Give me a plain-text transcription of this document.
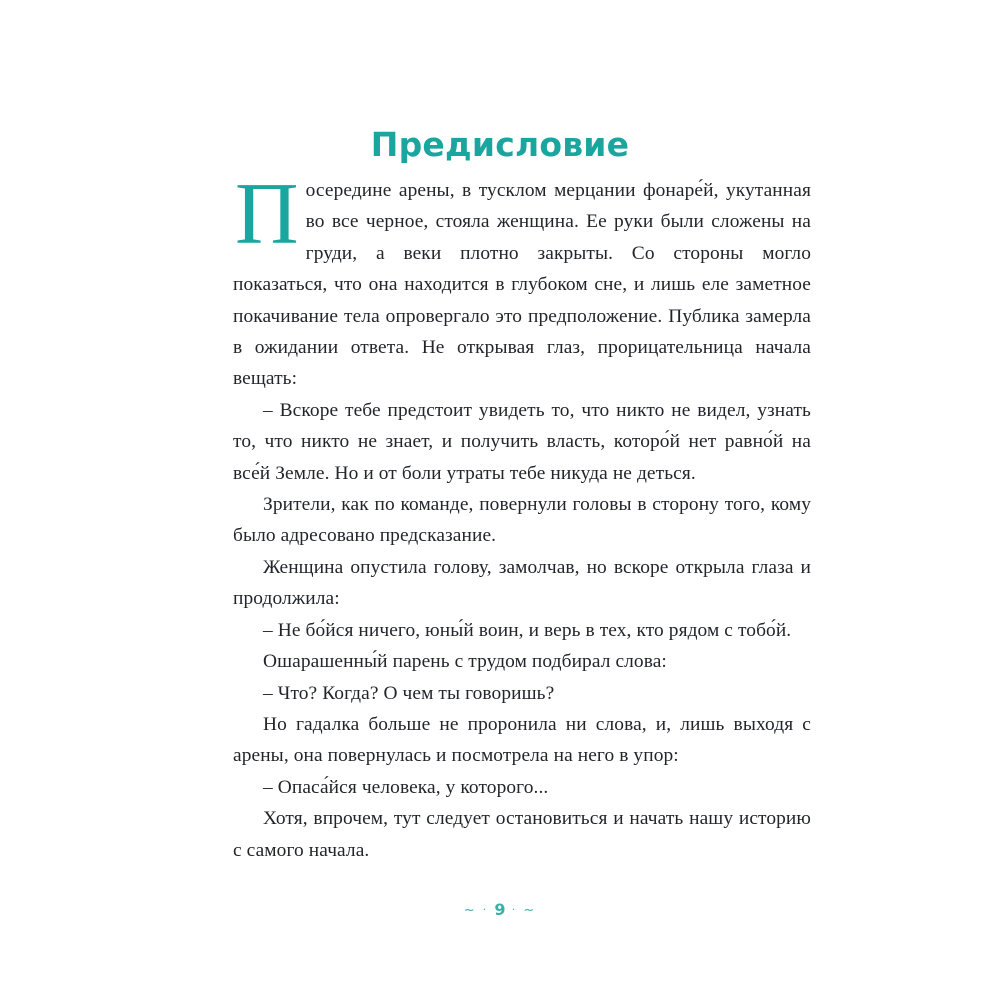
Предисловие

Посередине арены, в тусклом мерцании фонаре́й, укутанная во все черное, стояла женщина. Ее руки были сложены на груди, а веки плотно закрыты. Со стороны могло показаться, что она находится в глубоком сне, и лишь еле заметное покачивание тела опровергало это предположение. Публика замерла в ожидании ответа. Не открывая глаз, прорицательница начала вещать:

– Вскоре тебе предстоит увидеть то, что никто не видел, узнать то, что никто не знает, и получить власть, которо́й нет равно́й на все́й Земле. Но и от боли утраты тебе никуда не деться.

Зрители, как по команде, повернули головы в сторону того, кому было адресовано предсказание.

Женщина опустила голову, замолчав, но вскоре открыла глаза и продолжила:

– Не бо́йся ничего, юны́й воин, и верь в тех, кто рядом с тобо́й.

Ошарашенны́й парень с трудом подбирал слова:

– Что? Когда? О чем ты говоришь?

Но гадалка больше не проронила ни слова, и, лишь выходя с арены, она повернулась и посмотрела на него в упор:

– Опаса́йся человека, у которого...

Хотя, впрочем, тут следует остановиться и начать нашу историю с самого начала.

~ · 9 · ~
